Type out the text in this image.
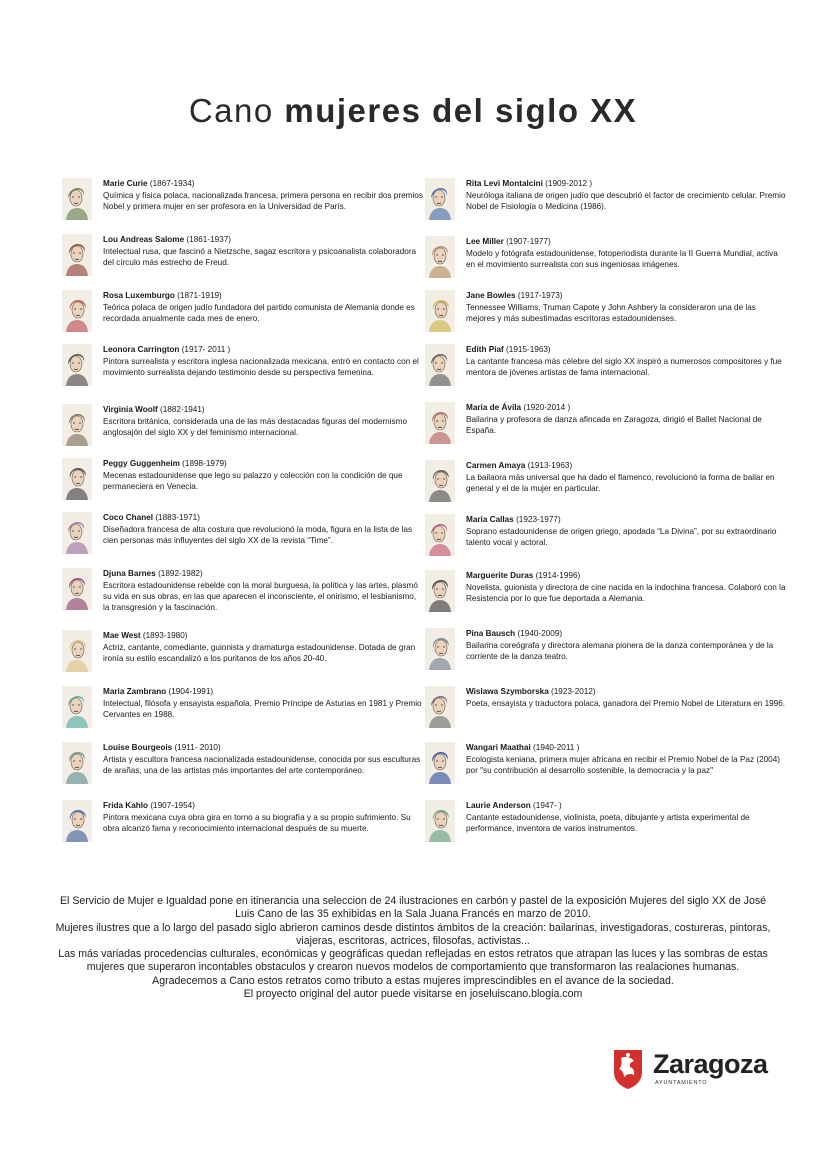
Cano mujeres del siglo XX
Marie Curie (1867-1934)
Química y física polaca, nacionalizada francesa, primera persona en recibir dos premios Nobel y primera mujer en ser profesora en la Universidad de París.
Lou Andreas Salome (1861-1937)
Intelectual rusa, que fascinó a Nietzsche, sagaz escritora y psicoanalista colaboradora del círculo más estrecho de Freud.
Rosa Luxemburgo (1871-1919)
Teórica polaca de origen judío fundadora del partido comunista de Alemania donde es recordada anualmente cada mes de enero.
Leonora Carrington (1917- 2011 )
Pintora surrealista y escritora inglesa nacionalizada mexicana, entró en contacto con el movimiento surrealista dejando testimonio desde su perspectiva femenina.
Virginia Woolf (1882-1941)
Escritora británica, considerada una de las más destacadas figuras del modernismo anglosajón del siglo XX y del feminismo internacional.
Peggy Guggenheim (1898-1979)
Mecenas estadounidense que lego su palazzo y colección con la condición de que permaneciera en Venecia.
Coco Chanel (1883-1971)
Diseñadora francesa de alta costura que revolucionó la moda, figura en la lista de las cien personas más influyentes del siglo XX de la revista “Time”.
Djuna Barnes (1892-1982)
Escritora estadounidense rebelde con la moral burguesa, la política y las artes, plasmó su vida en sus obras, en las que aparecen el inconsciente, el onirismo, el lesbianismo, la transgresión y la fascinación.
Mae West (1893-1980)
Actriz, cantante, comediante, guionista y dramaturga estadounidense. Dotada de gran ironía su estilo escandalizó a los puritanos de los años 20-40.
Maria Zambrano (1904-1991)
Intelectual, filósofa y ensayista española. Premio Príncipe de Asturias en 1981 y Premio Cervantes en 1988.
Louise Bourgeois (1911- 2010)
Artista y escultora francesa nacionalizada estadounidense, conocida por sus esculturas de arañas, una de las artistas más importantes del arte contemporáneo.
Frida Kahlo (1907-1954)
Pintora mexicana cuya obra gira en torno a su biografía y a su propio sufrimiento. Su obra alcanzó fama y reconocimiento internacional después de su muerte.
Rita Levi Montalcini (1909-2012 )
Neuróloga italiana de origen judío que descubrió el factor de crecimiento celular. Premio Nobel de Fisiología o Medicina (1986).
Lee Miller (1907-1977)
Modelo y fotógrafa estadounidense, fotoperiodista durante la II Guerra Mundial, activa en el movimiento surrealista con sus ingeniosas imágenes.
Jane Bowles (1917-1973)
Tennessee Williams, Truman Capote y John Ashbery la consideraron una de las mejores y más subestimadas escritoras estadounidenses.
Edith Piaf (1915-1963)
La cantante francesa más célebre del siglo XX inspiró a numerosos compositores y fue mentora de jóvenes artistas de fama internacional.
Maria de Ávila (1920-2014 )
Bailarina y profesora de danza afincada en Zaragoza, dirigió el Ballet Nacional de España.
Carmen Amaya (1913-1963)
La bailaora más universal que ha dado el flamenco, revolucionó la forma de bailar en general y el de la mujer en particular.
Maria Callas (1923-1977)
Soprano estadounidense de origen griego, apodada “La Divina”, por su extraordinario talento vocal y actoral.
Marguerite Duras (1914-1996)
Novelista, guionista y directora de cine nacida en la indochina francesa. Colaboró con la Resistencia por lo que fue deportada a Alemania.
Pina Bausch (1940-2009)
Bailarina coreógrafa y directora alemana pionera de la danza contemporánea y de la corriente de la danza teatro.
Wislawa Szymborska (1923-2012)
Poeta, ensayista y traductora polaca, ganadora del Premio Nobel de Literatura en 1996.
Wangari Maathai (1940-2011 )
Ecologista keniana, primera mujer africana en recibir el Premio Nobel de la Paz (2004) por "su contribución al desarrollo sostenible, la democracia y la paz"
Laurie Anderson (1947- )
Cantante estadounidense, violinista, poeta, dibujante y artista experimental de performance, inventora de varios instrumentos.

El Servicio de Mujer e Igualdad pone en itinerancia una seleccion de 24 ilustraciones en carbón y pastel de la exposición Mujeres del siglo XX de José Luis Cano de las 35 exhibidas en la Sala Juana Francés en marzo de 2010.

Mujeres ilustres que a lo largo del pasado siglo abrieron caminos desde distintos ámbitos de la creación: bailarinas, investigadoras, costureras, pintoras, viajeras, escritoras, actrices, filosofas, activistas...

Las más variadas procedencias culturales, económicas y geográficas quedan reflejadas en estos retratos que atrapan las luces y las sombras de estas mujeres que superaron incontables obstaculos y crearon nuevos modelos de comportamiento que transformaron las realaciones humanas.

Agradecemos a Cano estos retratos como tributo a estas mujeres imprescindibles en el avance de la sociedad.

El proyecto original del autor puede visitarse en joseluiscano.blogia.com

Zaragoza
AYUNTAMIENTO
